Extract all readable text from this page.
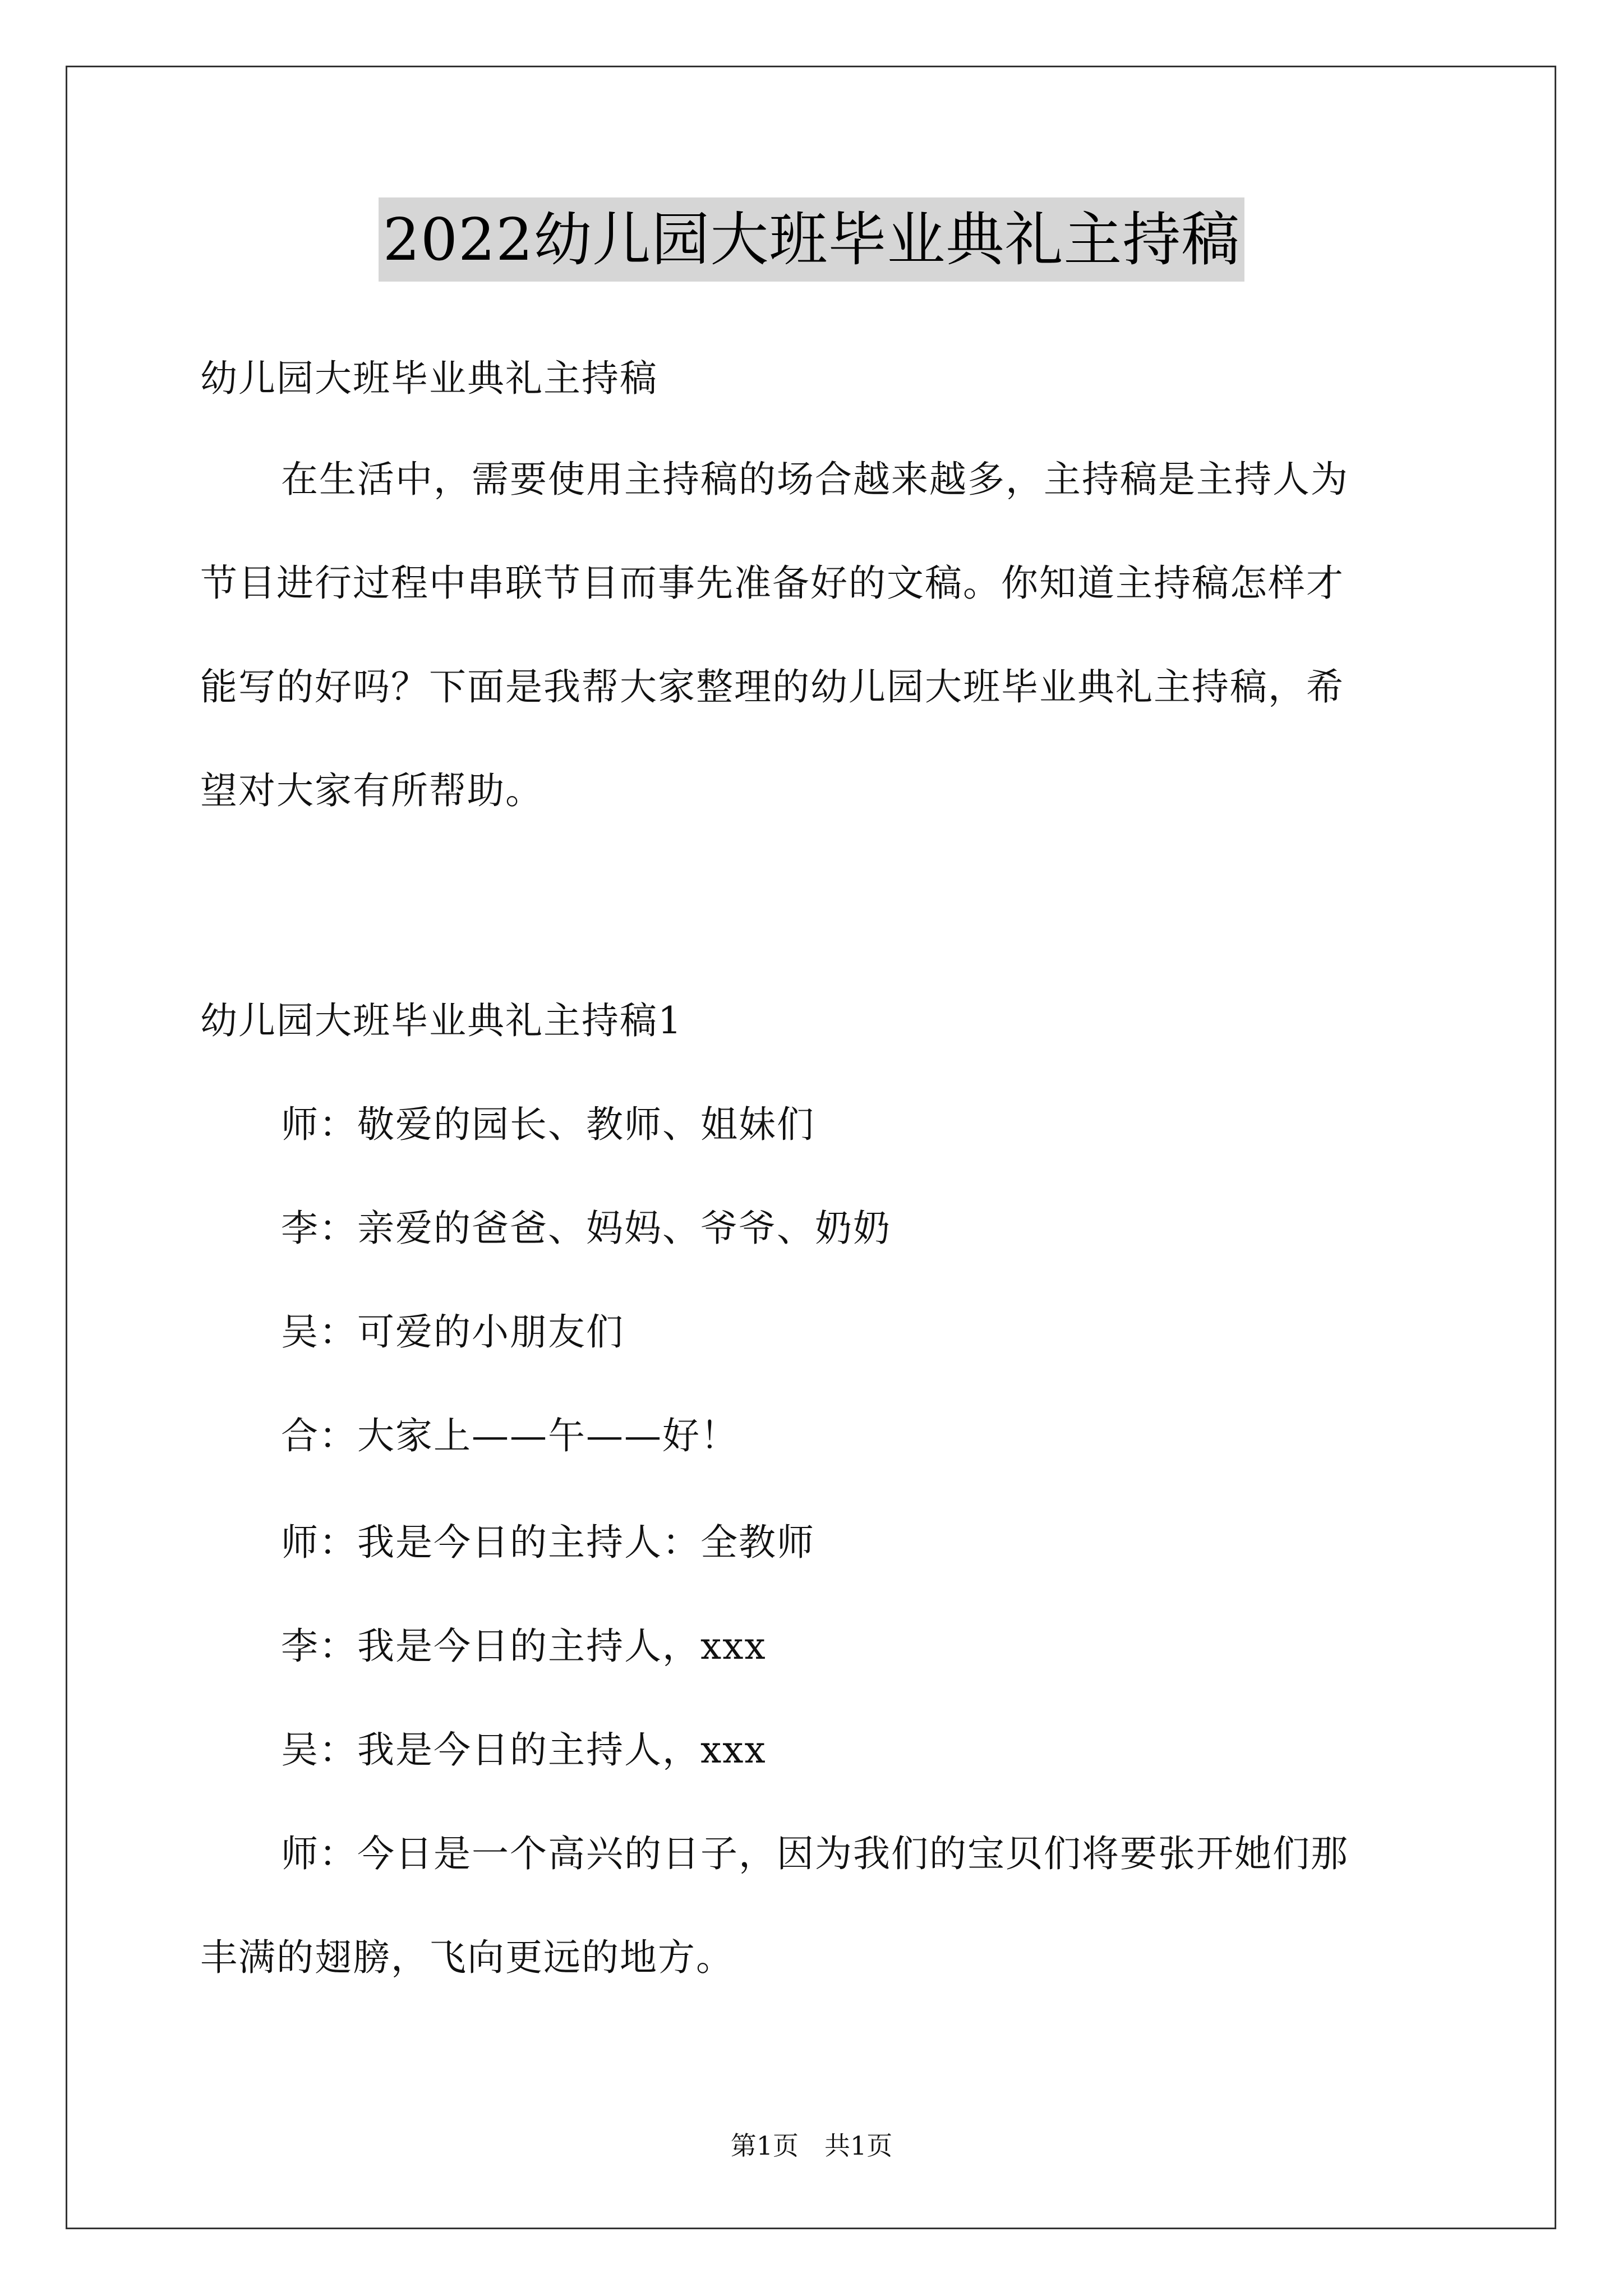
2022幼儿园大班毕业典礼主持稿
幼儿园大班毕业典礼主持稿
在生活中，需要使用主持稿的场合越来越多，主持稿是主持人为
节目进行过程中串联节目而事先准备好的文稿。你知道主持稿怎样才
能写的好吗？下面是我帮大家整理的幼儿园大班毕业典礼主持稿，希
望对大家有所帮助。
幼儿园大班毕业典礼主持稿1
师：敬爱的园长、教师、姐妹们
李：亲爱的爸爸、妈妈、爷爷、奶奶
吴：可爱的小朋友们
合：大家上——午——好！
师：我是今日的主持人：全教师
李：我是今日的主持人，xxx
吴：我是今日的主持人，xxx
师：今日是一个高兴的日子，因为我们的宝贝们将要张开她们那
丰满的翅膀，飞向更远的地方。
第1页　共1页
